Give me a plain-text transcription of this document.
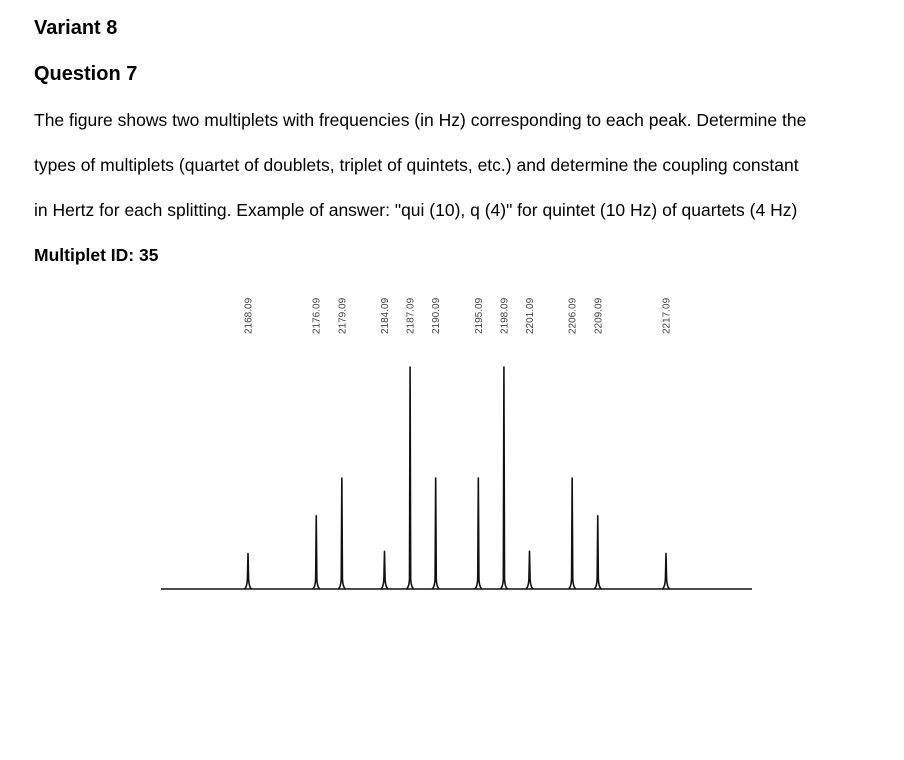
Variant 8
Question 7
The figure shows two multiplets with frequencies (in Hz) corresponding to each peak. Determine the
types of multiplets (quartet of doublets, triplet of quintets, etc.) and determine the coupling constant
in Hertz for each splitting. Example of answer: "qui (10), q (4)" for quintet (10 Hz) of quartets (4 Hz)
Multiplet ID: 35
2168.09	2176.09 2179.09	2184.09 2187.09 2190.09	2195.09 2198.09 2201.09	2206.09 2209.09	2217.09
